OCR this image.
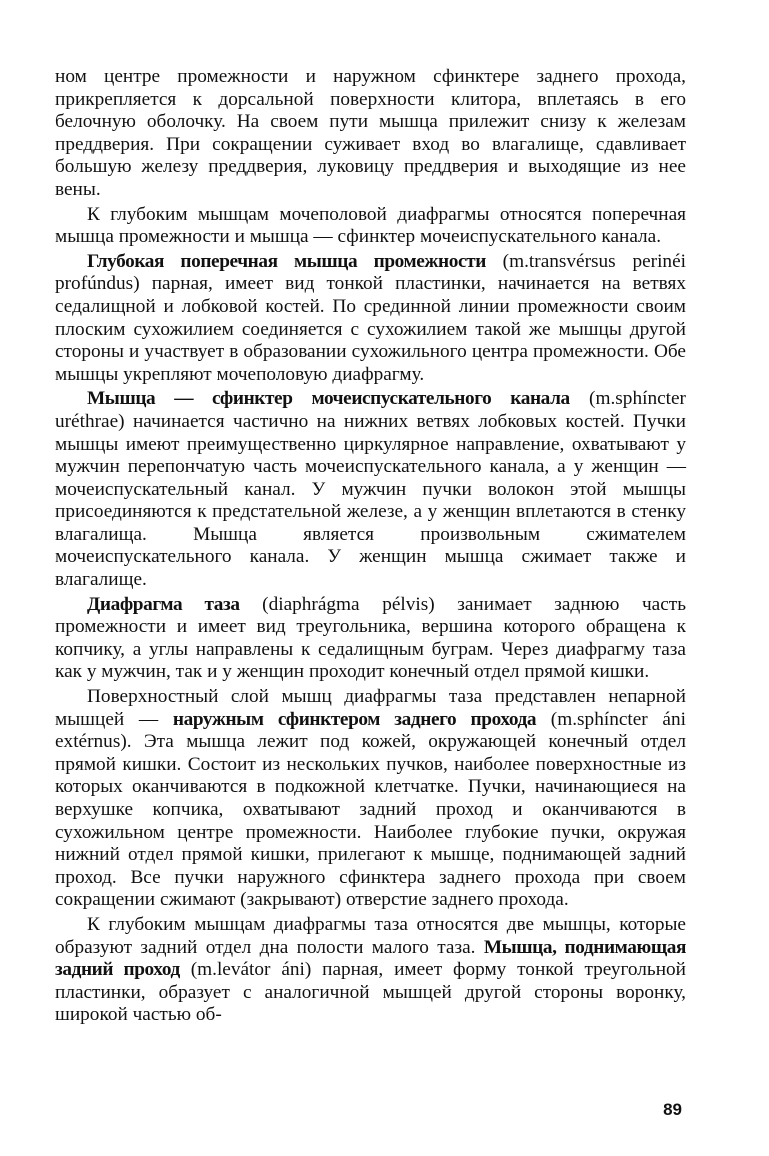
ном центре промежности и наружном сфинктере заднего прохода, прикрепляется к дорсальной поверхности клитора, вплетаясь в его белочную оболочку. На своем пути мышца прилежит снизу к железам преддверия. При сокращении суживает вход во влагалище, сдавливает большую железу преддверия, луковицу преддверия и выходящие из нее вены.

К глубоким мышцам мочеполовой диафрагмы относятся поперечная мышца промежности и мышца — сфинктер мочеиспускательного канала.

Глубокая поперечная мышца промежности (m.transvérsus perinéi profúndus) парная, имеет вид тонкой пластинки, начинается на ветвях седалищной и лобковой костей. По срединной линии промежности своим плоским сухожилием соединяется с сухожилием такой же мышцы другой стороны и участвует в образовании сухожильного центра промежности. Обе мышцы укрепляют мочеполовую диафрагму.

Мышца — сфинктер мочеиспускательного канала (m.sphíncter uréthrae) начинается частично на нижних ветвях лобковых костей. Пучки мышцы имеют преимущественно циркулярное направление, охватывают у мужчин перепончатую часть мочеиспускательного канала, а у женщин — мочеиспускательный канал. У мужчин пучки волокон этой мышцы присоединяются к предстательной железе, а у женщин вплетаются в стенку влагалища. Мышца является произвольным сжимателем мочеиспускательного канала. У женщин мышца сжимает также и влагалище.

Диафрагма таза (diaphrágma pélvis) занимает заднюю часть промежности и имеет вид треугольника, вершина которого обращена к копчику, а углы направлены к седалищным буграм. Через диафрагму таза как у мужчин, так и у женщин проходит конечный отдел прямой кишки.

Поверхностный слой мышц диафрагмы таза представлен непарной мышцей — наружным сфинктером заднего прохода (m.sphíncter áni extérnus). Эта мышца лежит под кожей, окружающей конечный отдел прямой кишки. Состоит из нескольких пучков, наиболее поверхностные из которых оканчиваются в подкожной клетчатке. Пучки, начинающиеся на верхушке копчика, охватывают задний проход и оканчиваются в сухожильном центре промежности. Наиболее глубокие пучки, окружая нижний отдел прямой кишки, прилегают к мышце, поднимающей задний проход. Все пучки наружного сфинктера заднего прохода при своем сокращении сжимают (закрывают) отверстие заднего прохода.

К глубоким мышцам диафрагмы таза относятся две мышцы, которые образуют задний отдел дна полости малого таза. Мышца, поднимающая задний проход (m.levátor áni) парная, имеет форму тонкой треугольной пластинки, образует с аналогичной мышцей другой стороны воронку, широкой частью об-

89
